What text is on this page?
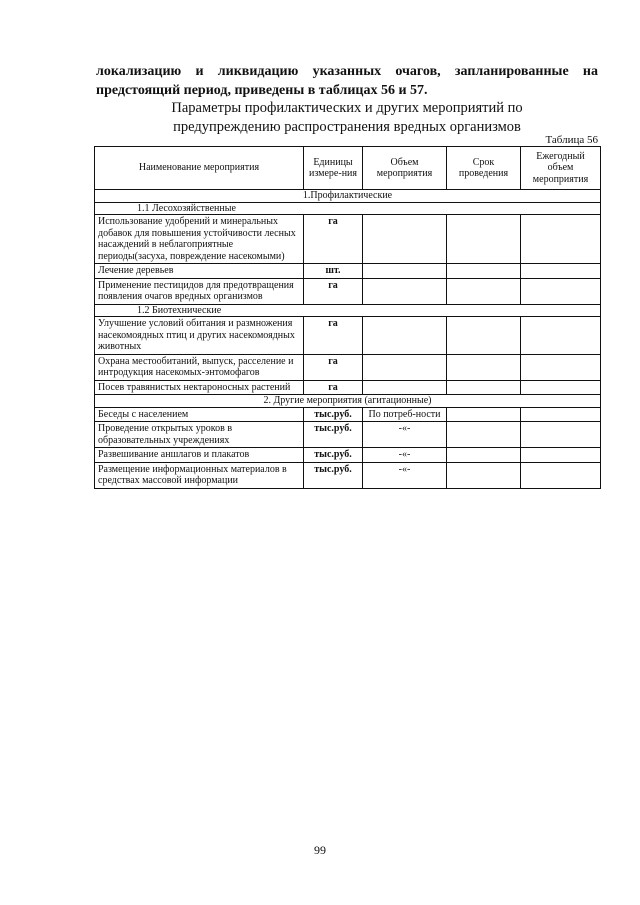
локализацию и ликвидацию указанных очагов, запланированные на
предстоящий период, приведены в таблицах 56 и 57.
Параметры профилактических и других мероприятий по
предупреждению распространения вредных организмов
Таблица 56
Наименование мероприятия	Единицы измере-ния	Объем мероприятия	Срок проведения	Ежегодный объем мероприятия
1.Профилактические				
1.1 Лесохозяйственные				
Использование удобрений и минеральных добавок для повышения устойчивости лесных насаждений в неблагоприятные периоды(засуха, повреждение насекомыми)	га			
Лечение деревьев	шт.			
Применение пестицидов для предотвращения появления очагов вредных организмов	га			
1.2 Биотехнические				
Улучшение условий обитания и размножения насекомоядных птиц и других насекомоядных животных	га			
Охрана местообитаний, выпуск, расселение и интродукция насекомых-энтомофагов	га			
Посев травянистых нектароносных растений	га			
2. Другие мероприятия (агитационные)				
Беседы с населением	тыс.руб.	По потреб-ности		
Проведение открытых уроков в образовательных учреждениях	тыс.руб.	-«-		
Развешивание аншлагов и плакатов	тыс.руб.	-«-		
Размещение информационных материалов в средствах массовой информации	тыс.руб.	-«-		
99
